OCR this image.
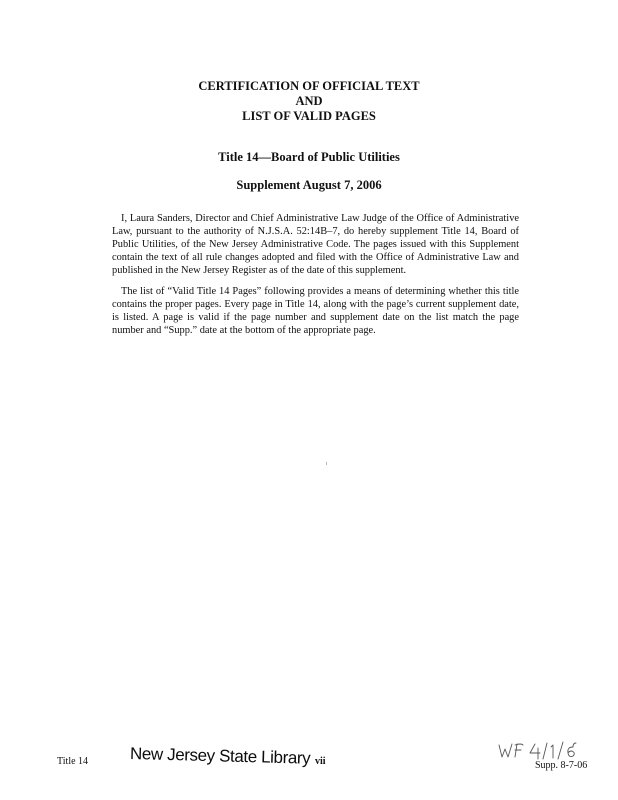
CERTIFICATION OF OFFICIAL TEXT
AND
LIST OF VALID PAGES
Title 14—Board of Public Utilities
Supplement August 7, 2006

I, Laura Sanders, Director and Chief Administrative Law Judge of the Office of Administrative Law, pursuant to the authority of N.J.S.A. 52:14B–7, do hereby supplement Title 14, Board of Public Utilities, of the New Jersey Administrative Code. The pages issued with this Supplement contain the text of all rule changes adopted and filed with the Office of Administrative Law and published in the New Jersey Register as of the date of this supplement.

The list of “Valid Title 14 Pages” following provides a means of determining whether this title contains the proper pages. Every page in Title 14, along with the page’s current supplement date, is listed. A page is valid if the page number and supplement date on the list match the page number and “Supp.” date at the bottom of the appropriate page.

Title 14 New Jersey State Library vii	Supp. 8-7-06
